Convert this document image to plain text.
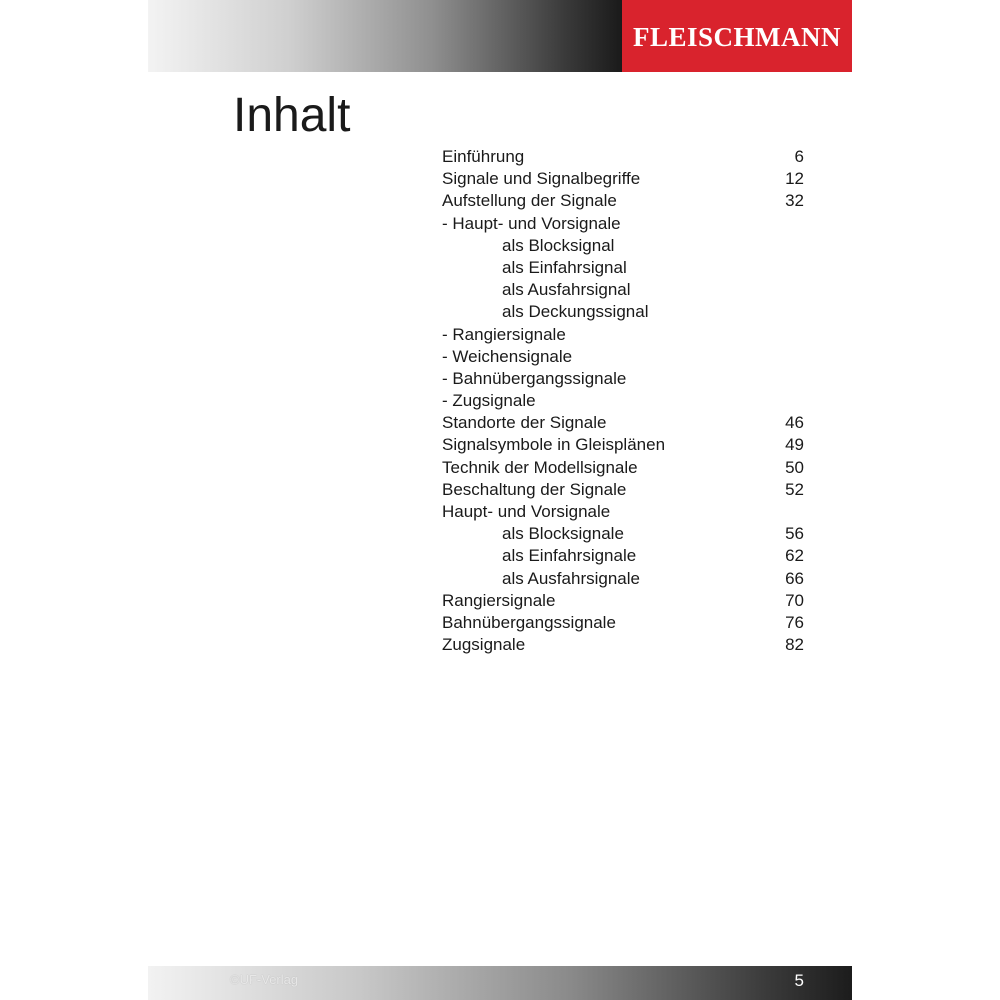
FLEISCHMANN
Inhalt
Einführung	6
Signale und Signalbegriffe	12
Aufstellung der Signale	32
- Haupt- und Vorsignale
als Blocksignal
als Einfahrsignal
als Ausfahrsignal
als Deckungssignal
- Rangiersignale
- Weichensignale
- Bahnübergangssignale
- Zugsignale
Standorte der Signale	46
Signalsymbole in Gleisplänen	49
Technik der Modellsignale	50
Beschaltung der Signale	52
Haupt- und Vorsignale
als Blocksignale	56
als Einfahrsignale	62
als Ausfahrsignale	66
Rangiersignale	70
Bahnübergangssignale	76
Zugsignale	82
©UF-Verlag	5
